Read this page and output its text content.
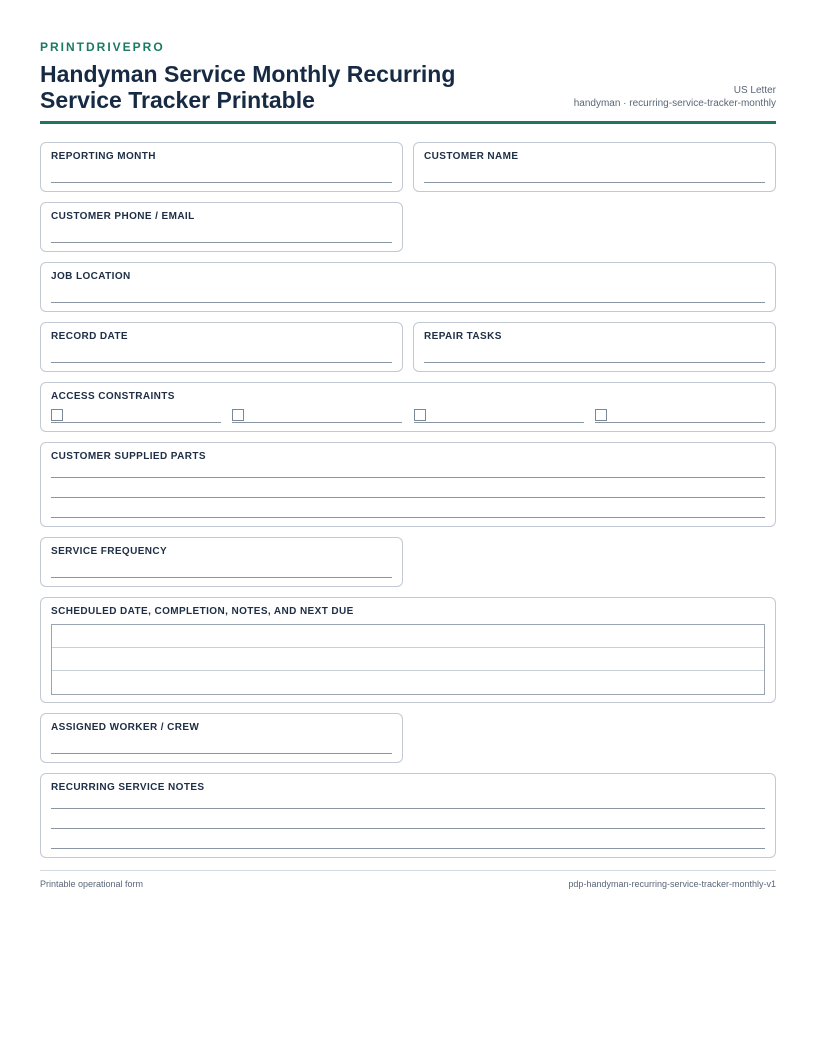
PRINTDRIVEPRO
Handyman Service Monthly Recurring Service Tracker Printable	US Letter
handyman · recurring-service-tracker-monthly
REPORTING MONTH	CUSTOMER NAME
CUSTOMER PHONE / EMAIL
JOB LOCATION
RECORD DATE	REPAIR TASKS
ACCESS CONSTRAINTS
CUSTOMER SUPPLIED PARTS
SERVICE FREQUENCY
SCHEDULED DATE, COMPLETION, NOTES, AND NEXT DUE
ASSIGNED WORKER / CREW
RECURRING SERVICE NOTES
Printable operational form	pdp-handyman-recurring-service-tracker-monthly-v1
